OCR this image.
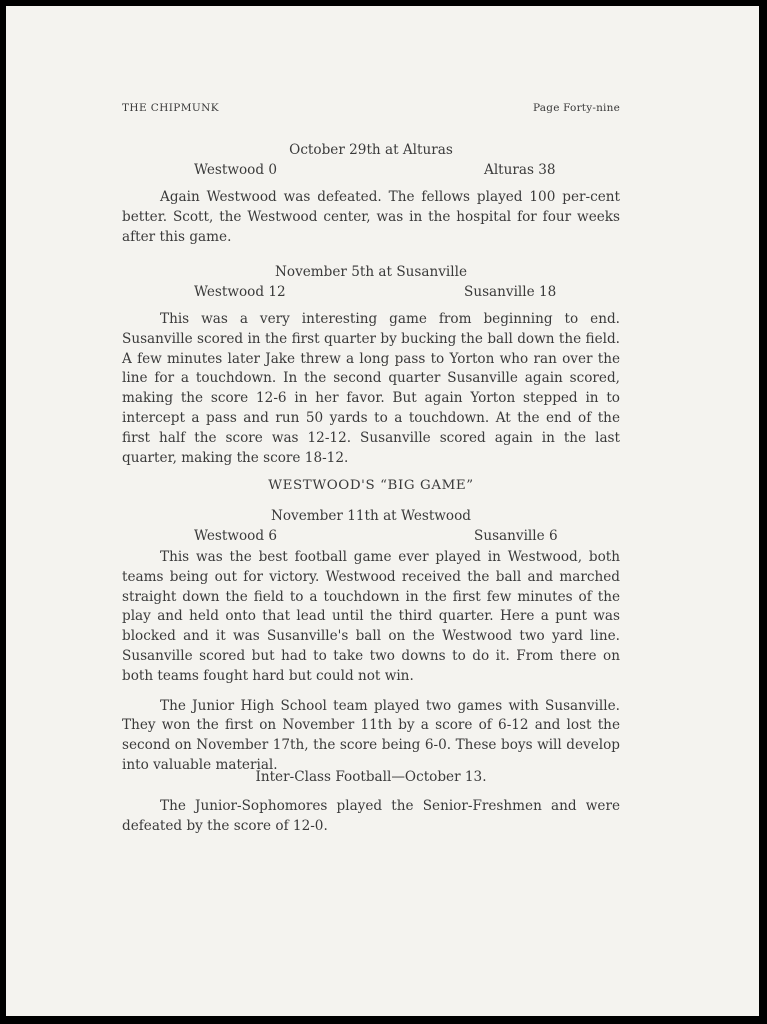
THE CHIPMUNK	Page Forty-nine
October 29th at Alturas
Westwood 0	Alturas 38

Again Westwood was defeated. The fellows played 100 per-cent better. Scott, the Westwood center, was in the hospital for four weeks after this game.

November 5th at Susanville
Westwood 12	Susanville 18

This was a very interesting game from beginning to end. Susanville scored in the first quarter by bucking the ball down the field. A few minutes later Jake threw a long pass to Yorton who ran over the line for a touchdown. In the second quarter Susanville again scored, making the score 12-6 in her favor. But again Yorton stepped in to intercept a pass and run 50 yards to a touchdown. At the end of the first half the score was 12-12. Susanville scored again in the last quarter, making the score 18-12.

WESTWOOD'S “BIG GAME”
November 11th at Westwood
Westwood 6	Susanville 6

This was the best football game ever played in Westwood, both teams being out for victory. Westwood received the ball and marched straight down the field to a touchdown in the first few minutes of the play and held onto that lead until the third quarter. Here a punt was blocked and it was Susanville's ball on the Westwood two yard line. Susanville scored but had to take two downs to do it. From there on both teams fought hard but could not win.

The Junior High School team played two games with Susanville. They won the first on November 11th by a score of 6-12 and lost the second on November 17th, the score being 6-0. These boys will develop into valuable material.

Inter-Class Football—October 13.

The Junior-Sophomores played the Senior-Freshmen and were defeated by the score of 12-0.
